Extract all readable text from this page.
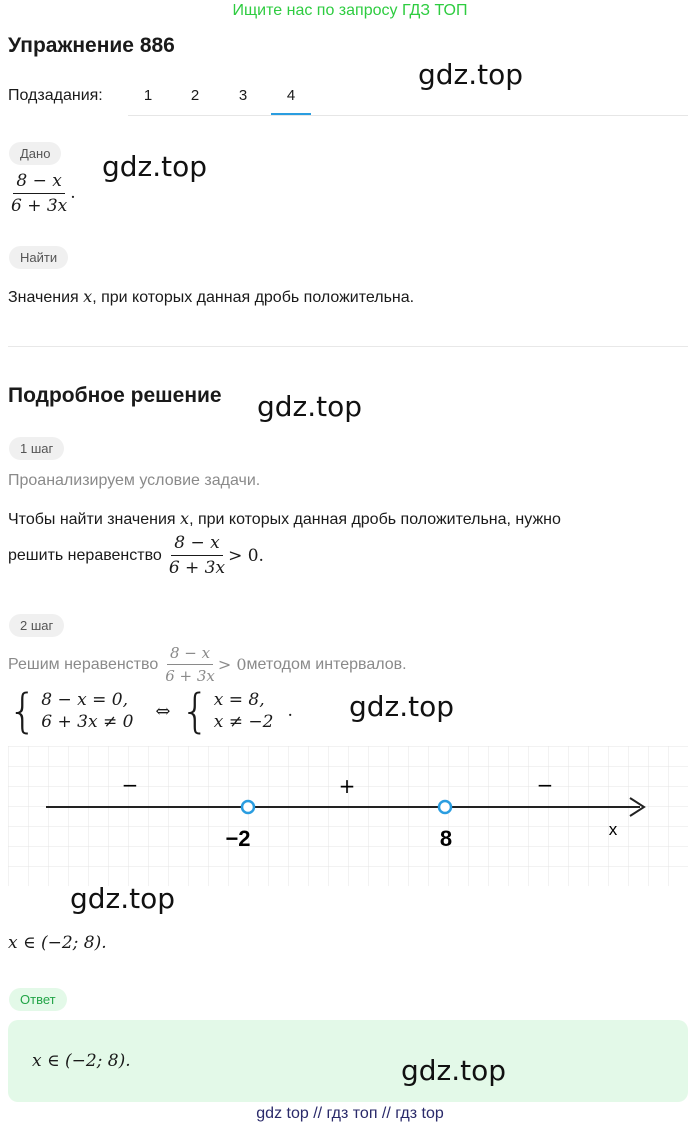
Ищите нас по запросу ГДЗ ТОП
Упражнение 886
Подзадания:	1	2	3	4
gdz.top
Дано
$\frac{8 - x}{6 + 3x}$ .
gdz.top
Найти
Значения x, при которых данная дробь положительна.
Подробное решение gdz.top
1 шаг
Проанализируем условие задачи.
Чтобы найти значения x, при которых данная дробь положительна, нужно
решить неравенство $\frac{8 - x}{6 + 3x} > 0$.
2 шаг
Решим неравенство $\frac{8 - x}{6 + 3x} > 0$ методом интервалов.
{ 8 − x = 0,
6 + 3x ≠ 0
⇔ { x = 8,
x ≠ −2
. gdz.top
−	+	−
−2	8	x
gdz.top
x ∈ (−2; 8).
Ответ
x ∈ (−2; 8).	gdz.top
gdz top // гдз топ // гдз top
